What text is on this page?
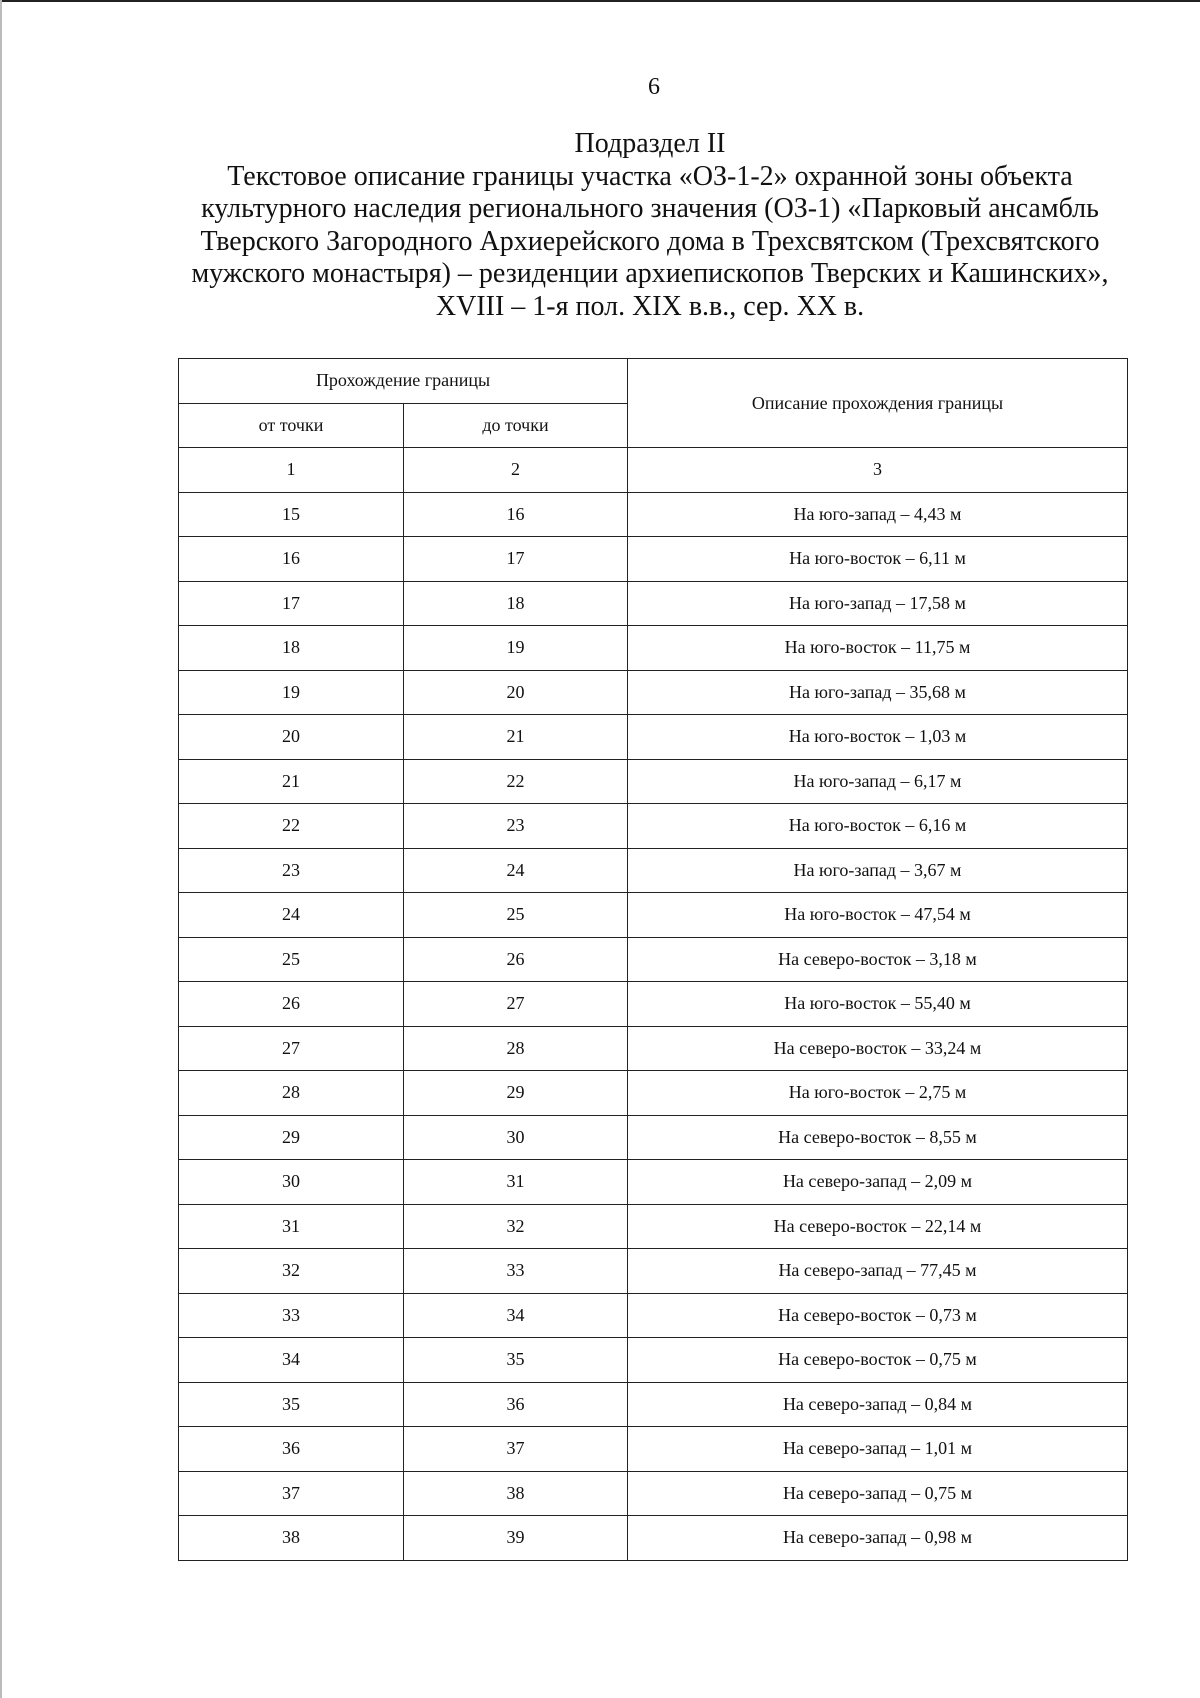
6
Подраздел II
Текстовое описание границы участка «ОЗ-1-2» охранной зоны объекта
культурного наследия регионального значения (ОЗ-1) «Парковый ансамбль
Тверского Загородного Архиерейского дома в Трехсвятском (Трехсвятского
мужского монастыря) – резиденции архиепископов Тверских и Кашинских»,
XVIII – 1-я пол. XIX в.в., сер. XX в.
Прохождение границы		Описание прохождения границы
от точки	до точки	
1	2	3
15	16	На юго-запад – 4,43 м
16	17	На юго-восток – 6,11 м
17	18	На юго-запад – 17,58 м
18	19	На юго-восток – 11,75 м
19	20	На юго-запад – 35,68 м
20	21	На юго-восток – 1,03 м
21	22	На юго-запад – 6,17 м
22	23	На юго-восток – 6,16 м
23	24	На юго-запад – 3,67 м
24	25	На юго-восток – 47,54 м
25	26	На северо-восток – 3,18 м
26	27	На юго-восток – 55,40 м
27	28	На северо-восток – 33,24 м
28	29	На юго-восток – 2,75 м
29	30	На северо-восток – 8,55 м
30	31	На северо-запад – 2,09 м
31	32	На северо-восток – 22,14 м
32	33	На северо-запад – 77,45 м
33	34	На северо-восток – 0,73 м
34	35	На северо-восток – 0,75 м
35	36	На северо-запад – 0,84 м
36	37	На северо-запад – 1,01 м
37	38	На северо-запад – 0,75 м
38	39	На северо-запад – 0,98 м
